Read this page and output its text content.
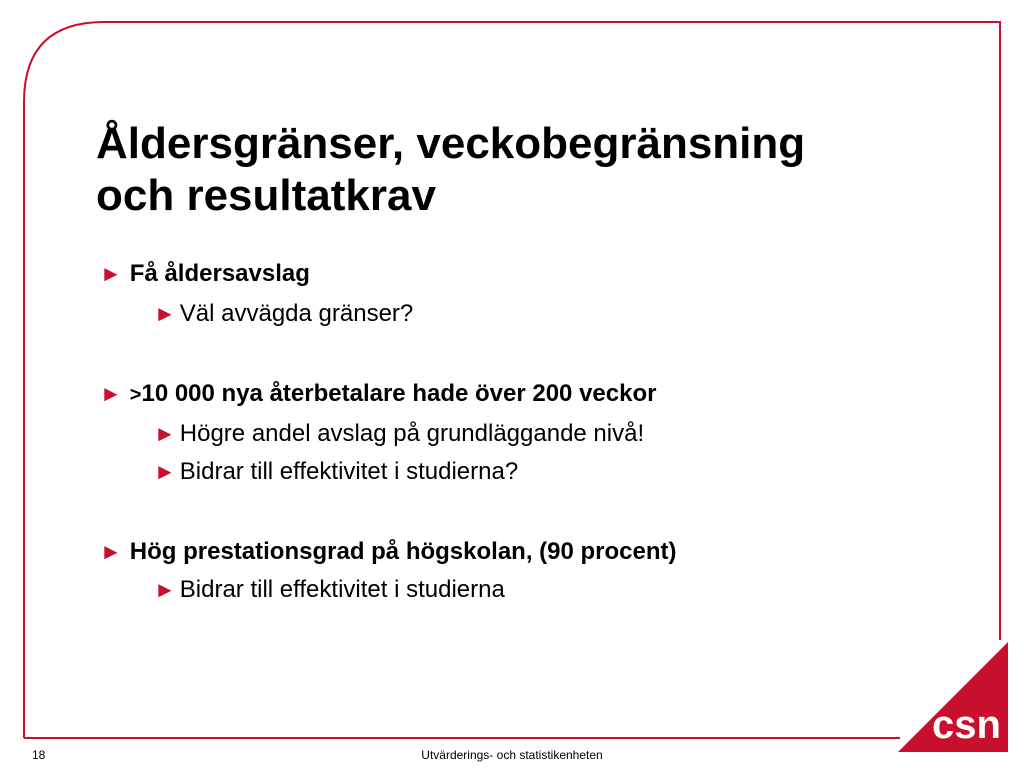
Åldersgränser, veckobegränsning
och resultatkrav
► Få åldersavslag
► Väl avvägda gränser?
► > 10 000 nya återbetalare hade över 200 veckor
► Högre andel avslag på grundläggande nivå!
► Bidrar till effektivitet i studierna?
► Hög prestationsgrad på högskolan, (90 procent)
► Bidrar till effektivitet i studierna
csn
18	Utvärderings- och statistikenheten
